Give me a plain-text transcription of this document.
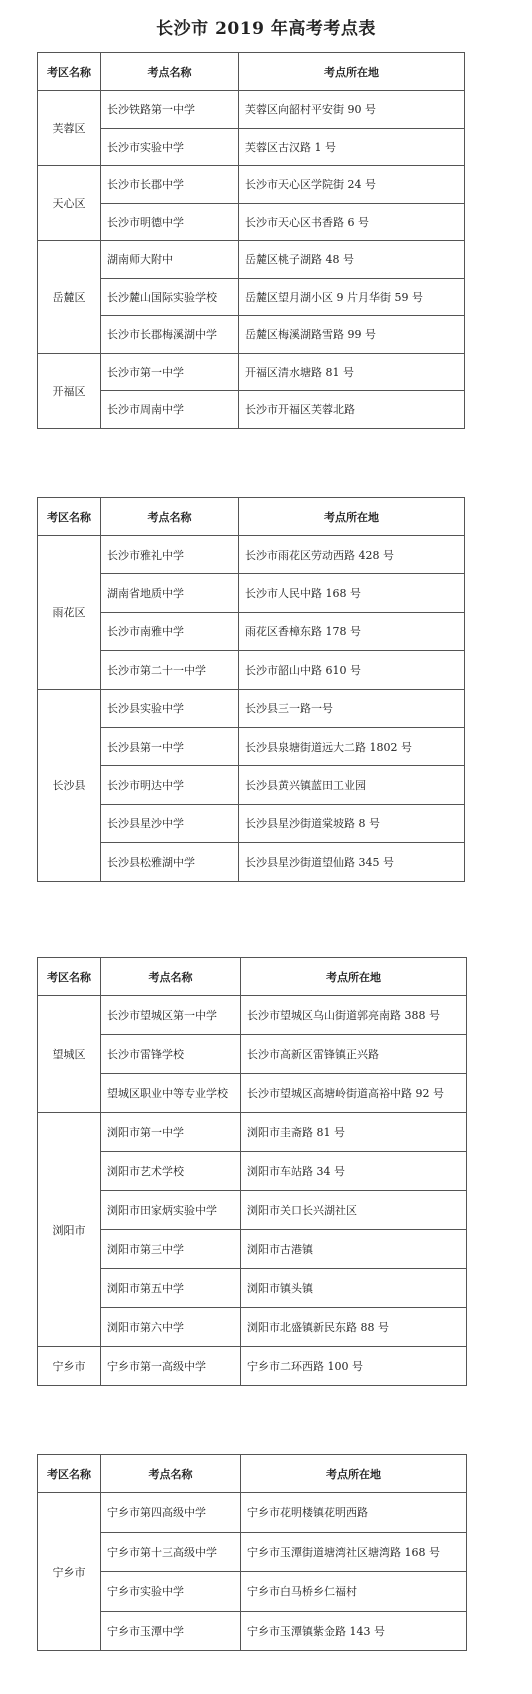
长沙市 2019 年高考考点表
考区名称	考点名称	考点所在地
芙蓉区	长沙铁路第一中学	芙蓉区向韶村平安街 90 号
	长沙市实验中学	芙蓉区古汉路 1 号
天心区	长沙市长郡中学	长沙市天心区学院街 24 号
	长沙市明德中学	长沙市天心区书香路 6 号
岳麓区	湖南师大附中	岳麓区桃子湖路 48 号
	长沙麓山国际实验学校	岳麓区望月湖小区 9 片月华街 59 号
	长沙市长郡梅溪湖中学	岳麓区梅溪湖路雪路 99 号
开福区	长沙市第一中学	开福区清水塘路 81 号
	长沙市周南中学	长沙市开福区芙蓉北路
考区名称	考点名称	考点所在地
雨花区	长沙市雅礼中学	长沙市雨花区劳动西路 428 号
	湖南省地质中学	长沙市人民中路 168 号
	长沙市南雅中学	雨花区香樟东路 178 号
	长沙市第二十一中学	长沙市韶山中路 610 号
长沙县	长沙县实验中学	长沙县三一路一号
	长沙县第一中学	长沙县泉塘街道远大二路 1802 号
	长沙市明达中学	长沙县黄兴镇蓝田工业园
	长沙县星沙中学	长沙县星沙街道棠坡路 8 号
	长沙县松雅湖中学	长沙县星沙街道望仙路 345 号
考区名称	考点名称	考点所在地
望城区	长沙市望城区第一中学	长沙市望城区乌山街道郭亮南路 388 号
	长沙市雷锋学校	长沙市高新区雷锋镇正兴路
	望城区职业中等专业学校	长沙市望城区高塘岭街道高裕中路 92 号
浏阳市	浏阳市第一中学	浏阳市圭斋路 81 号
	浏阳市艺术学校	浏阳市车站路 34 号
	浏阳市田家炳实验中学	浏阳市关口长兴湖社区
	浏阳市第三中学	浏阳市古港镇
	浏阳市第五中学	浏阳市镇头镇
	浏阳市第六中学	浏阳市北盛镇新民东路 88 号
宁乡市	宁乡市第一高级中学	宁乡市二环西路 100 号
考区名称	考点名称	考点所在地
宁乡市	宁乡市第四高级中学	宁乡市花明楼镇花明西路
	宁乡市第十三高级中学	宁乡市玉潭街道塘湾社区塘湾路 168 号
	宁乡市实验中学	宁乡市白马桥乡仁福村
	宁乡市玉潭中学	宁乡市玉潭镇紫金路 143 号
